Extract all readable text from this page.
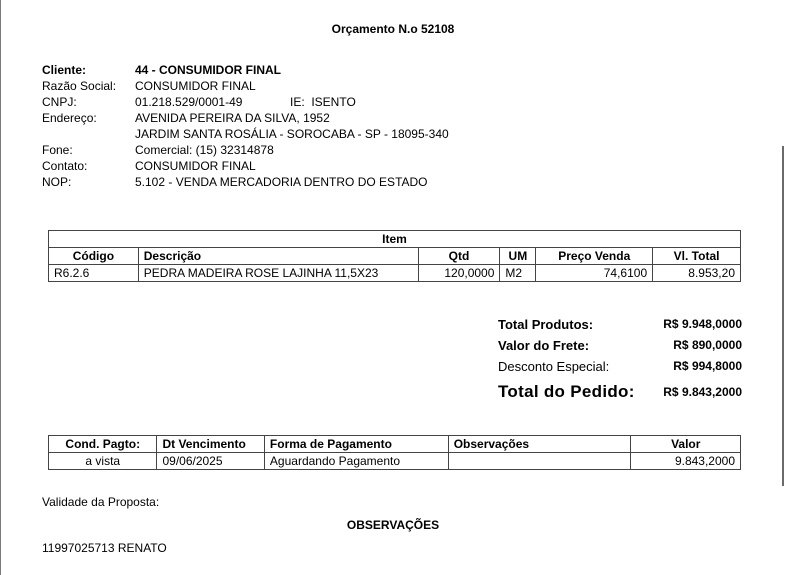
Orçamento N.o 52108
Cliente:	44 - CONSUMIDOR FINAL
Razão Social: CONSUMIDOR FINAL
CNPJ:	01.218.529/0001-49	IE:  ISENTO
Endereço:	AVENIDA PEREIRA DA SILVA, 1952
JARDIM SANTA ROSÁLIA - SOROCABA - SP - 18095-340
Fone:	Comercial: (15) 32314878
Contato:	CONSUMIDOR FINAL
NOP:	5.102 - VENDA MERCADORIA DENTRO DO ESTADO
Item					
Código	Descrição	Qtd	UM	Preço Venda	Vl. Total
R6.2.6	PEDRA MADEIRA ROSE LAJINHA 11,5X23	120,0000	M2	74,6100	8.953,20
Total Produtos:	R$ 9.948,0000
Valor do Frete:	R$ 890,0000
Desconto Especial:	R$ 994,8000
Total do Pedido: R$ 9.843,2000
Cond. Pagto:	Dt Vencimento	Forma de Pagamento	Observações	Valor
a vista	09/06/2025	Aguardando Pagamento		9.843,2000
Validade da Proposta:
OBSERVAÇÕES
11997025713 RENATO
